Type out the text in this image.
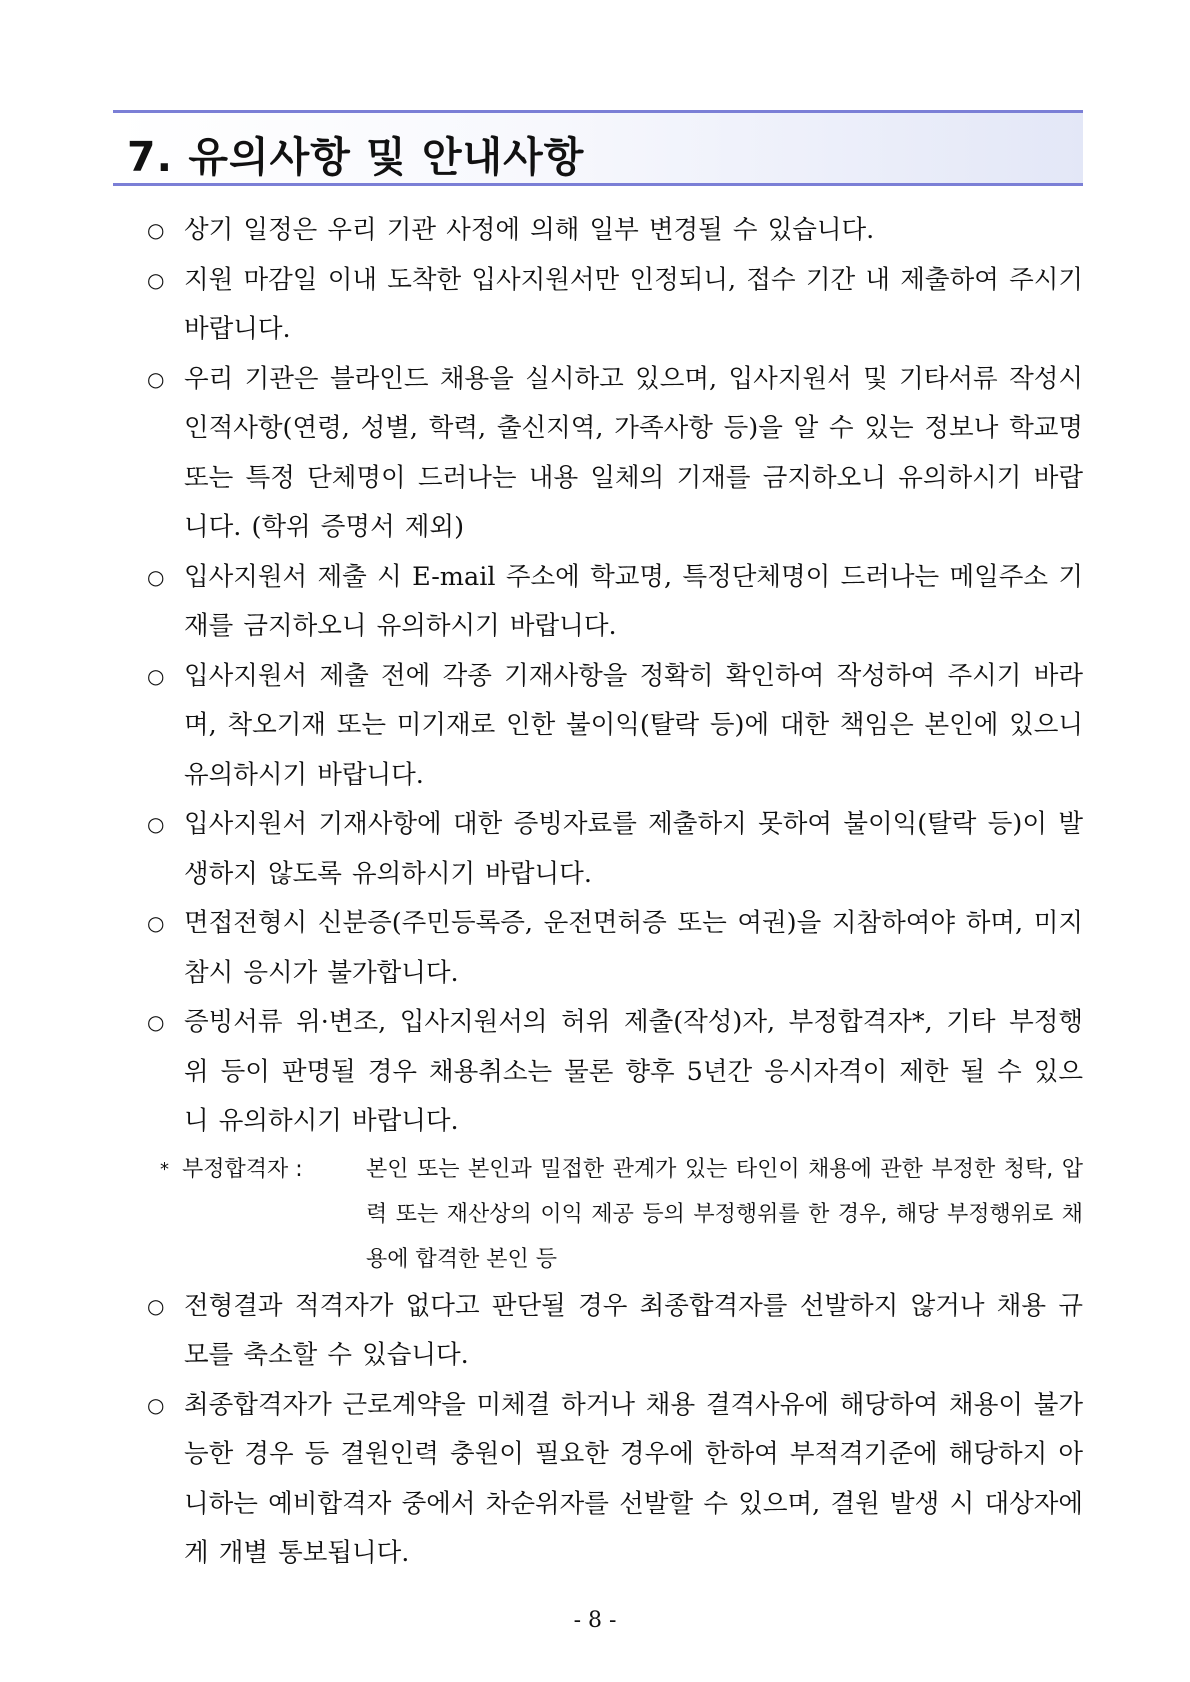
7. 유의사항 및 안내사항
○ 상기 일정은 우리 기관 사정에 의해 일부 변경될 수 있습니다.
○ 지원 마감일 이내 도착한 입사지원서만 인정되니, 접수 기간 내 제출하여 주시기 바랍니다.
○ 우리 기관은 블라인드 채용을 실시하고 있으며, 입사지원서 및 기타서류 작성시 인적사항(연령, 성별, 학력, 출신지역, 가족사항 등)을 알 수 있는 정보나 학교명 또는 특정 단체명이 드러나는 내용 일체의 기재를 금지하오니 유의하시기 바랍니다. (학위 증명서 제외)
○ 입사지원서 제출 시 E-mail 주소에 학교명, 특정단체명이 드러나는 메일주소 기재를 금지하오니 유의하시기 바랍니다.
○ 입사지원서 제출 전에 각종 기재사항을 정확히 확인하여 작성하여 주시기 바라며, 착오기재 또는 미기재로 인한 불이익(탈락 등)에 대한 책임은 본인에 있으니 유의하시기 바랍니다.
○ 입사지원서 기재사항에 대한 증빙자료를 제출하지 못하여 불이익(탈락 등)이 발생하지 않도록 유의하시기 바랍니다.
○ 면접전형시 신분증(주민등록증, 운전면허증 또는 여권)을 지참하여야 하며, 미지참시 응시가 불가합니다.
○ 증빙서류 위·변조, 입사지원서의 허위 제출(작성)자, 부정합격자*, 기타 부정행위 등이 판명될 경우 채용취소는 물론 향후 5년간 응시자격이 제한 될 수 있으니 유의하시기 바랍니다.
* 부정합격자 :	본인 또는 본인과 밀접한 관계가 있는 타인이 채용에 관한 부정한 청탁, 압력 또는 재산상의 이익 제공 등의 부정행위를 한 경우, 해당 부정행위로 채용에 합격한 본인 등
○ 전형결과 적격자가 없다고 판단될 경우 최종합격자를 선발하지 않거나 채용 규모를 축소할 수 있습니다.
○ 최종합격자가 근로계약을 미체결 하거나 채용 결격사유에 해당하여 채용이 불가능한 경우 등 결원인력 충원이 필요한 경우에 한하여 부적격기준에 해당하지 아니하는 예비합격자 중에서 차순위자를 선발할 수 있으며, 결원 발생 시 대상자에게 개별 통보됩니다.
- 8 -
